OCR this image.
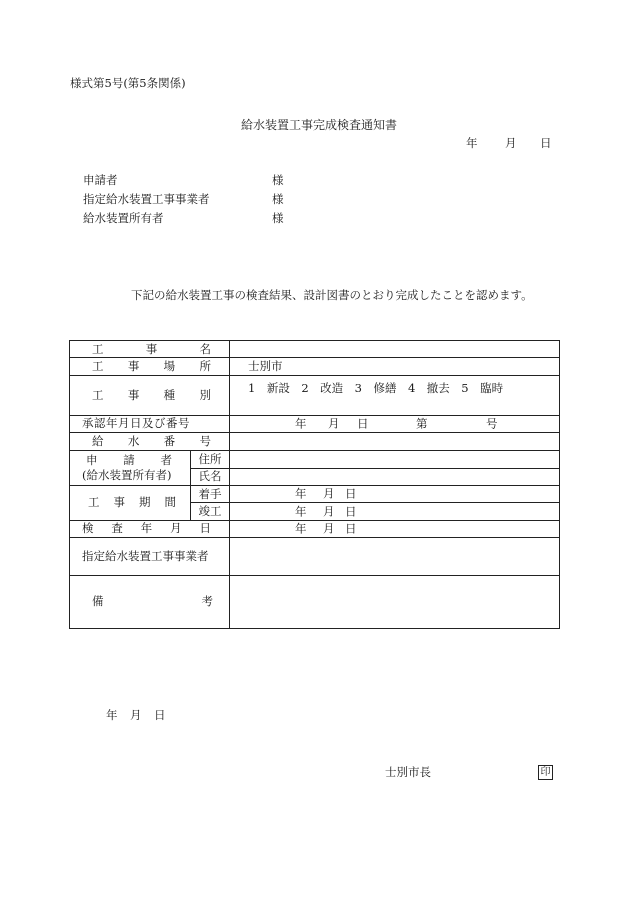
様式第5号(第5条関係)
給水装置工事完成検査通知書
年 月 日
申請者	様
指定給水装置工事事業者	様
給水装置所有者	様
下記の給水装置工事の検査結果、設計図書のとおり完成したことを認めます。
工 事 名		

工 事 場 所		士別市

工 事 種 別		1　新設　2　改造　3　修繕　4　撤去　5　臨時

承認年月日及び番号		年 月 日 第 号

給 水 番 号		

申 請 者
(給水装置所有者)	住所	

	氏名	

工 事 期 間	着手	年 月 日

	竣工	年 月 日

検 査 年 月 日		年 月 日

指定給水装置工事事業者		

備 考		

年 月 日
士別市長	印
